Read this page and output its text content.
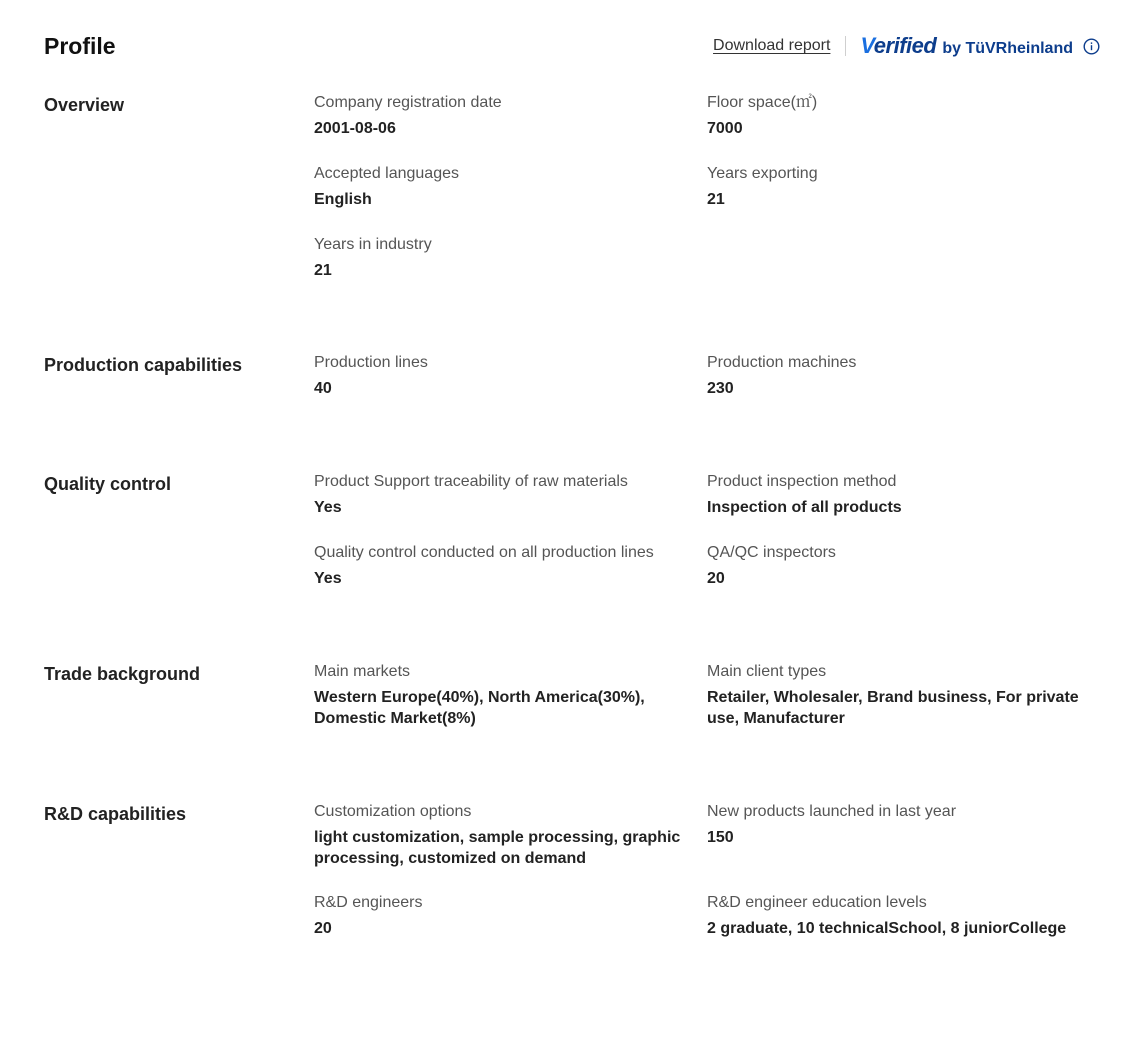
Profile	Download report Verified by TüVRheinland
Overview	Company registration date
2001-08-06
Floor space(㎡)
7000
Accepted languages
English
Years exporting
21
Years in industry
21
Production capabilities	Production lines
40
Production machines
230
Quality control	Product Support traceability of raw materials
Yes
Product inspection method
Inspection of all products
Quality control conducted on all production lines
Yes
QA/QC inspectors
20
Trade background	Main markets
Western Europe(40%), North America(30%), Domestic Market(8%)
Main client types
Retailer, Wholesaler, Brand business, For private use, Manufacturer
R&D capabilities	Customization options
light customization, sample processing, graphic processing, customized on demand
New products launched in last year
150
R&D engineers
20
R&D engineer education levels
2 graduate, 10 technicalSchool, 8 juniorCollege
